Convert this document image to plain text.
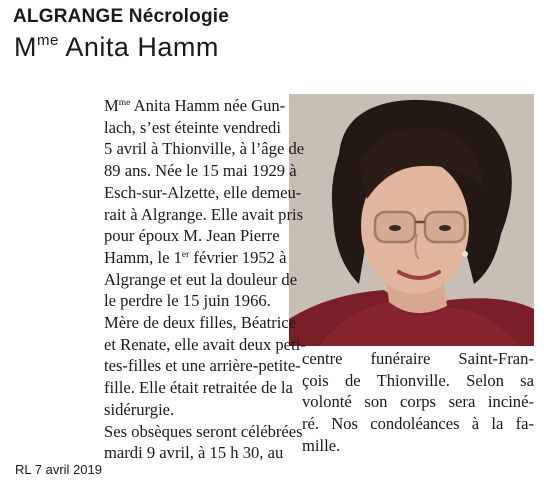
ALGRANGE Nécrologie
$M^{me}$ Anita Hamm
$M^{me}$ Anita Hamm née Gun-
lach, s’est éteinte vendredi
5 avril à Thionville, à l’âge de
89 ans. Née le 15 mai 1929 à
Esch-sur-Alzette, elle demeu-
rait à Algrange. Elle avait pris
pour époux M. Jean Pierre
Hamm, le 1er février 1952 à
Algrange et eut la douleur de
le perdre le 15 juin 1966.
Mère de deux filles, Béatrice
et Renate, elle avait deux peti-
tes-filles et une arrière-petite-
fille. Elle était retraitée de la
sidérurgie.
Ses obsèques seront célébrées
mardi 9 avril, à 15 h 30, au
centre funéraire Saint-Fran-
çois de Thionville. Selon sa
volonté son corps sera inciné-
ré. Nos condoléances à la fa-
mille.
RL 7 avril 2019
